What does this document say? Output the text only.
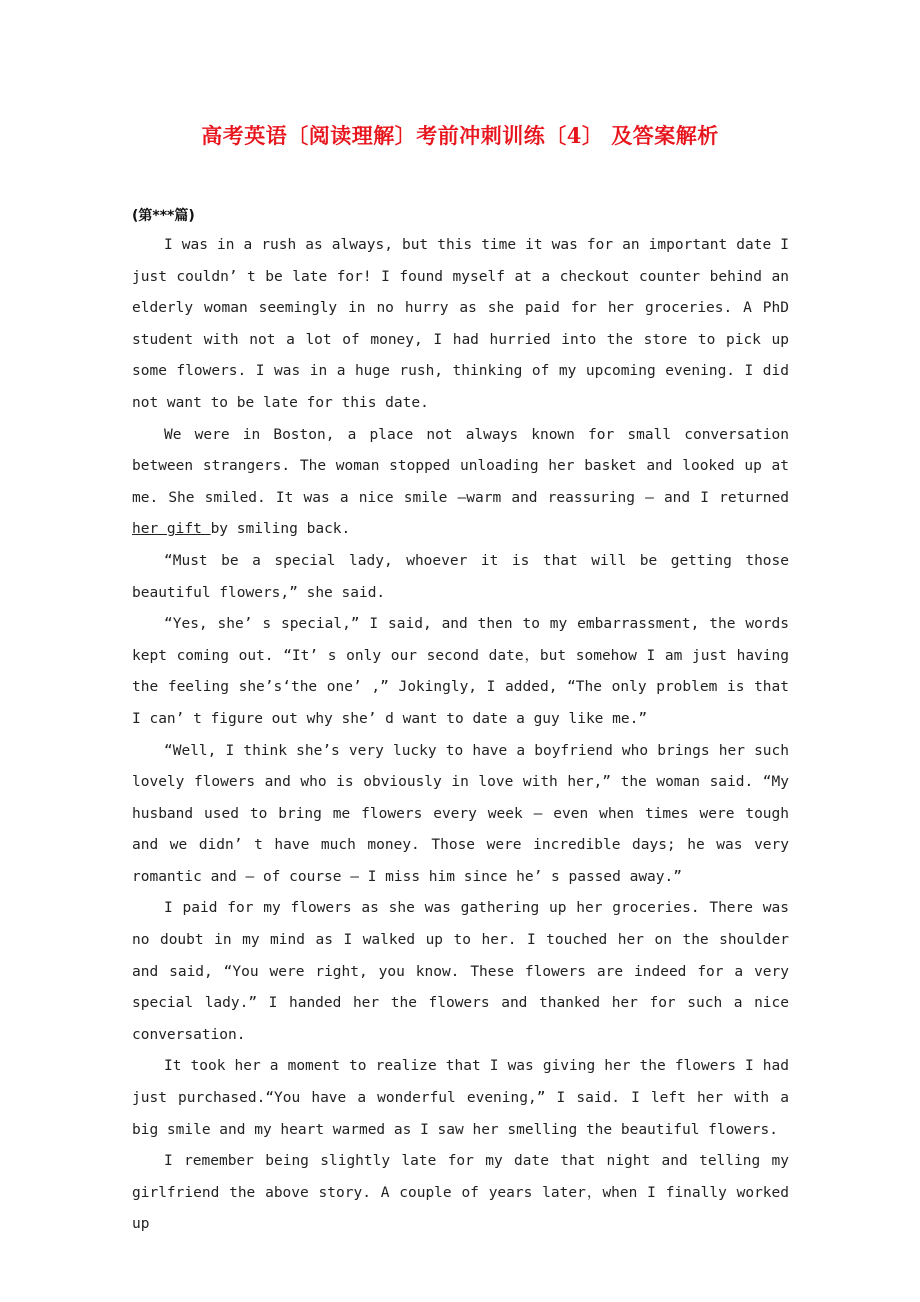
高考英语〔阅读理解〕考前冲刺训练〔4〕 及答案解析
(第***篇)

I was in a rush as always, but this time it was for an important date I just couldn’ t be late for! I found myself at a checkout counter behind an elderly woman seemingly in no hurry as she paid for her groceries. A PhD student with not a lot of money, I had hurried into the store to pick up some flowers. I was in a huge rush, thinking of my upcoming evening. I did not want to be late for this date.

We were in Boston, a place not always known for small conversation between strangers. The woman stopped unloading her basket and looked up at me. She smiled. It was a nice smile —warm and reassuring — and I returned her gift by smiling back.

“Must be a special lady, whoever it is that will be getting those beautiful flowers,” she said.

“Yes, she’ s special,” I said, and then to my embarrassment, the words kept coming out. “It’ s only our second date，but somehow I am just having the feeling she’s‘the one’ ,” Jokingly, I added, “The only problem is that I can’ t figure out why she’ d want to date a guy like me.”

“Well, I think she’s very lucky to have a boyfriend who brings her such lovely flowers and who is obviously in love with her,” the woman said. “My husband used to bring me flowers every week — even when times were tough and we didn’ t have much money. Those were incredible days; he was very romantic and — of course — I miss him since he’ s passed away.”

I paid for my flowers as she was gathering up her groceries. There was no doubt in my mind as I walked up to her. I touched her on the shoulder and said, “You were right, you know. These flowers are indeed for a very special lady.” I handed her the flowers and thanked her for such a nice conversation.

It took her a moment to realize that I was giving her the flowers I had just purchased.“You have a wonderful evening,” I said. I left her with a big smile and my heart warmed as I saw her smelling the beautiful flowers.

I remember being slightly late for my date that night and telling my girlfriend the above story. A couple of years later，when I finally worked up
